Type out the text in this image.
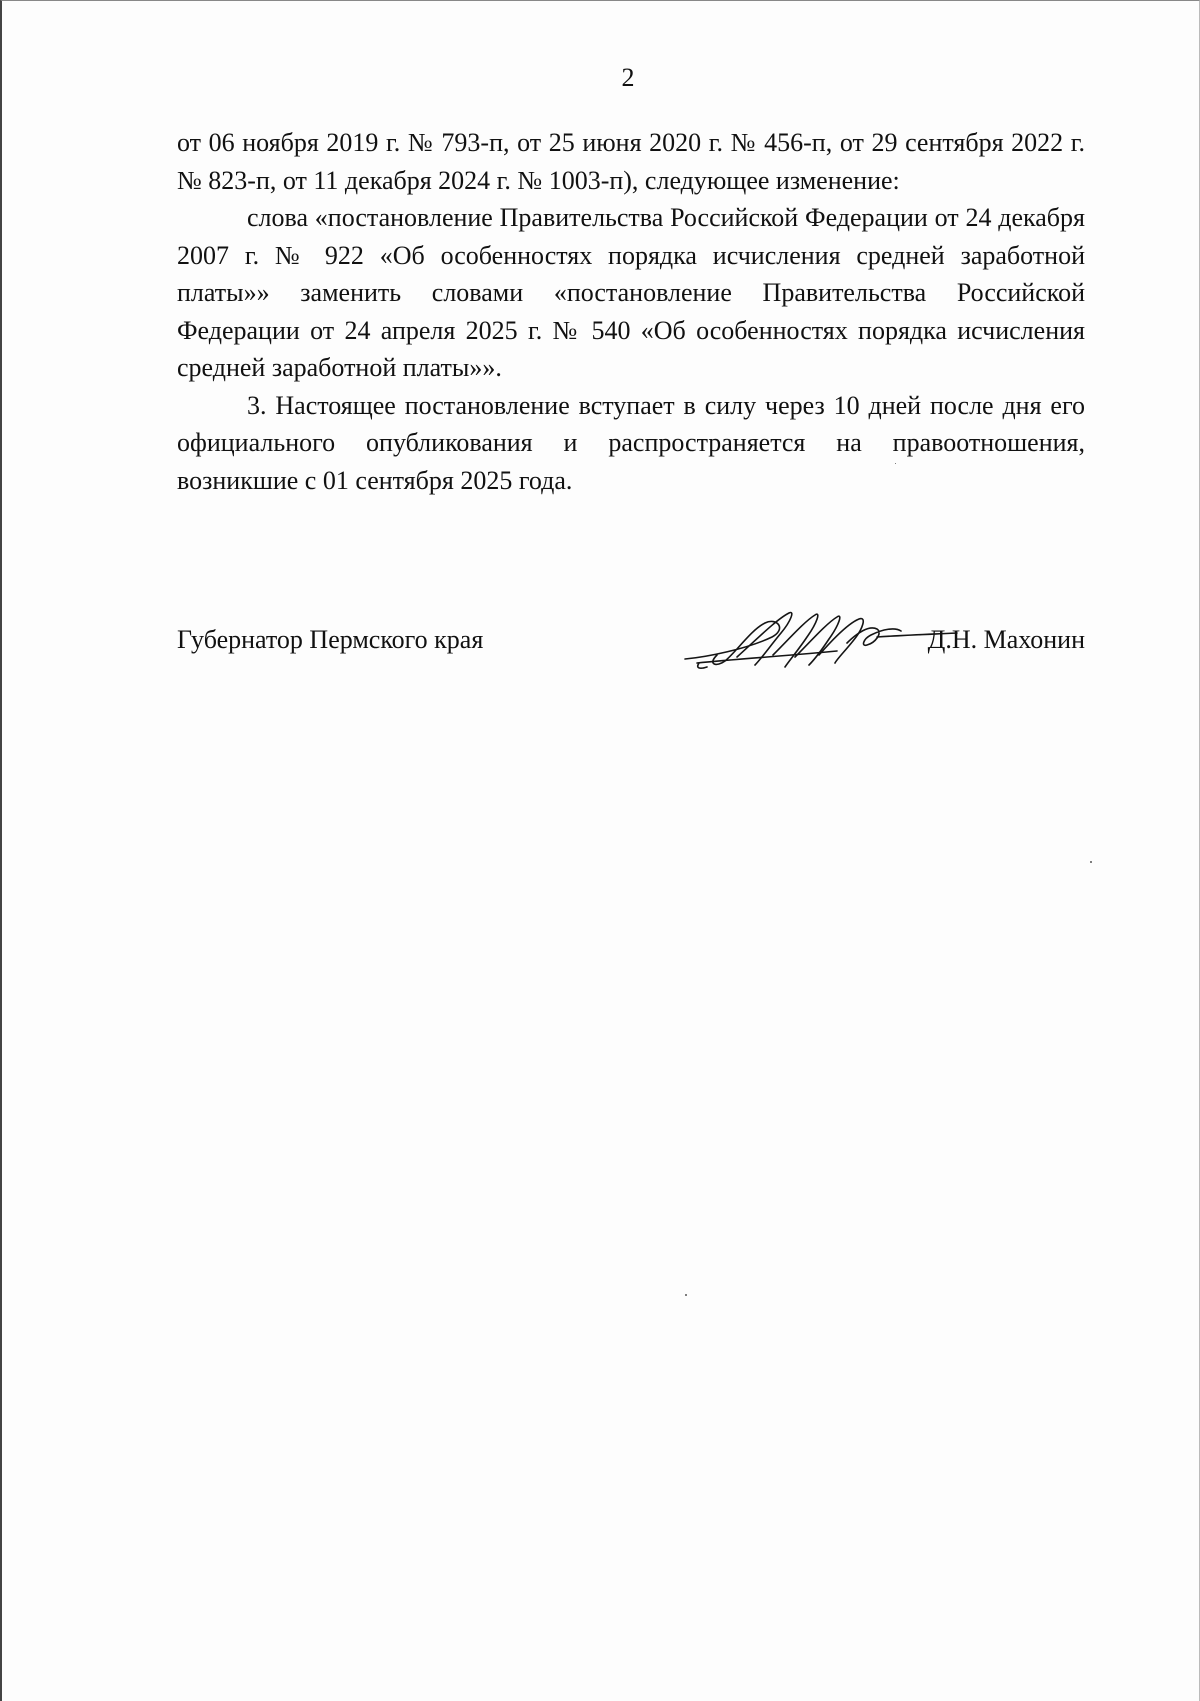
2

от 06 ноября 2019 г. № 793-п, от 25 июня 2020 г. № 456-п, от 29 сентября 2022 г. № 823-п, от 11 декабря 2024 г. № 1003-п), следующее изменение:

слова «постановление Правительства Российской Федерации от 24 декабря 2007 г. № 922 «Об особенностях порядка исчисления средней заработной платы»» заменить словами «постановление Правительства Российской Федерации от 24 апреля 2025 г. № 540 «Об особенностях порядка исчисления средней заработной платы»».

3. Настоящее постановление вступает в силу через 10 дней после дня его официального опубликования и распространяется на правоотношения, возникшие с 01 сентября 2025 года.

Губернатор Пермского края	Д.Н. Махонин
